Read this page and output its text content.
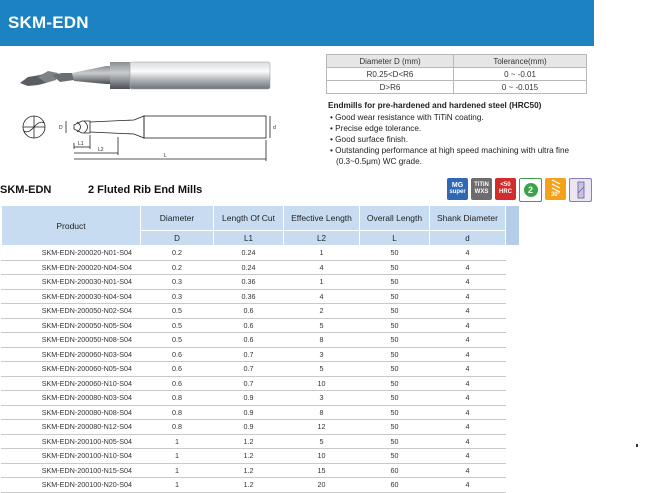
SKM-EDN
L1
L2
L
D	d
Diameter D (mm)	Tolerance(mm)
R0.25<D<R6	0 ~ -0.01
D>R6	0 ~ -0.015
Endmills for pre-hardened and hardened steel (HRC50)
• Good wear resistance with TiTiN coating.
• Precise edge tolerance.
• Good surface finish.
• Outstanding performance at high speed machining with ultra fine (0.3~0.5μm) WC grade.
SKM-EDN	2 Fluted Rib End Mills	MG
super
TiTiN
WXS
<50
HRC	2	30°
Product	Diameter	Length Of Cut	Effective Length	Overall Length	Shank Diameter	
	D	L1	L2	L	d	
SKM-EDN-200020-N01-S04	0.2	0.24	1	50	4	
SKM-EDN-200020-N04-S04	0.2	0.24	4	50	4	
SKM-EDN-200030-N01-S04	0.3	0.36	1	50	4	
SKM-EDN-200030-N04-S04	0.3	0.36	4	50	4	
SKM-EDN-200050-N02-S04	0.5	0.6	2	50	4	
SKM-EDN-200050-N05-S04	0.5	0.6	5	50	4	
SKM-EDN-200050-N08-S04	0.5	0.6	8	50	4	
SKM-EDN-200060-N03-S04	0.6	0.7	3	50	4	
SKM-EDN-200060-N05-S04	0.6	0.7	5	50	4	
SKM-EDN-200060-N10-S04	0.6	0.7	10	50	4	
SKM-EDN-200080-N03-S04	0.8	0.9	3	50	4	
SKM-EDN-200080-N08-S04	0.8	0.9	8	50	4	
SKM-EDN-200080-N12-S04	0.8	0.9	12	50	4	
SKM-EDN-200100-N05-S04	1	1.2	5	50	4	
SKM-EDN-200100-N10-S04	1	1.2	10	50	4	
SKM-EDN-200100-N15-S04	1	1.2	15	60	4	
SKM-EDN-200100-N20-S04	1	1.2	20	60	4	
